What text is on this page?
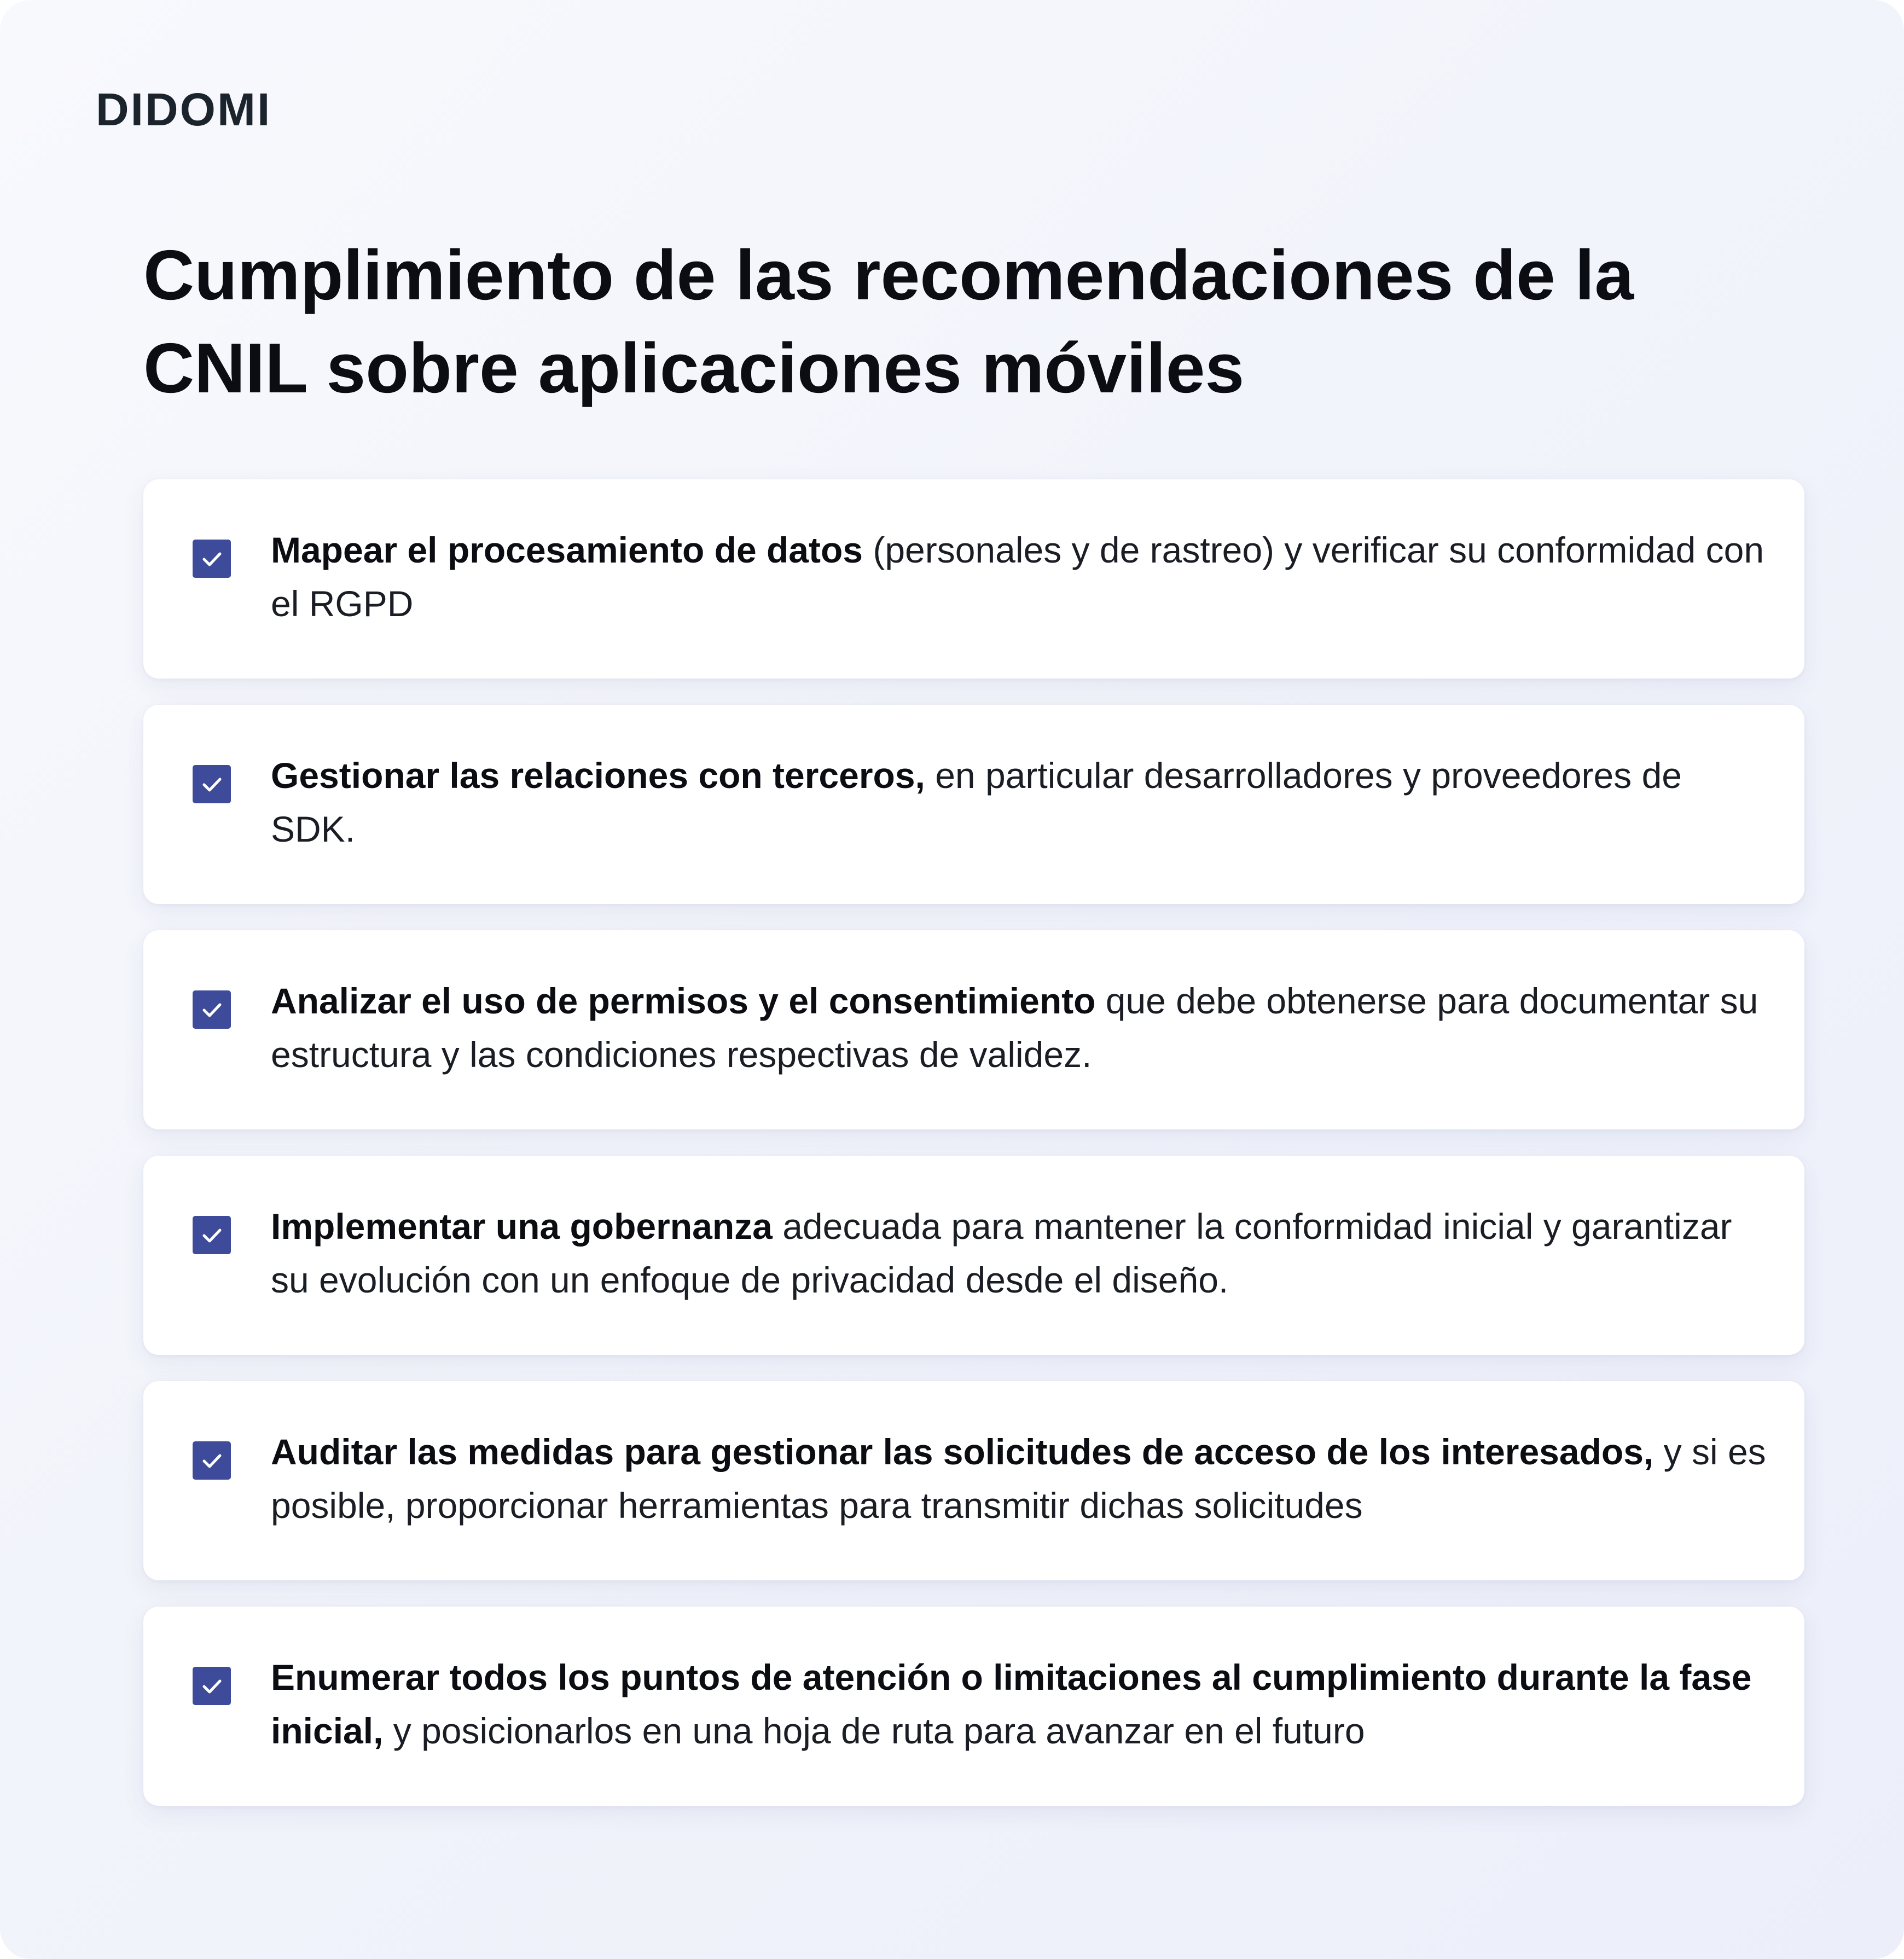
DIDOMI
Cumplimiento de las recomendaciones de la CNIL sobre aplicaciones móviles
Mapear el procesamiento de datos (personales y de rastreo) y verificar su conformidad con el RGPD
Gestionar las relaciones con terceros, en particular desarrolladores y proveedores de SDK.
Analizar el uso de permisos y el consentimiento que debe obtenerse para documentar su estructura y las condiciones respectivas de validez.
Implementar una gobernanza adecuada para mantener la conformidad inicial y garantizar su evolución con un enfoque de privacidad desde el diseño.
Auditar las medidas para gestionar las solicitudes de acceso de los interesados, y si es posible, proporcionar herramientas para transmitir dichas solicitudes
Enumerar todos los puntos de atención o limitaciones al cumplimiento durante la fase inicial, y posicionarlos en una hoja de ruta para avanzar en el futuro
